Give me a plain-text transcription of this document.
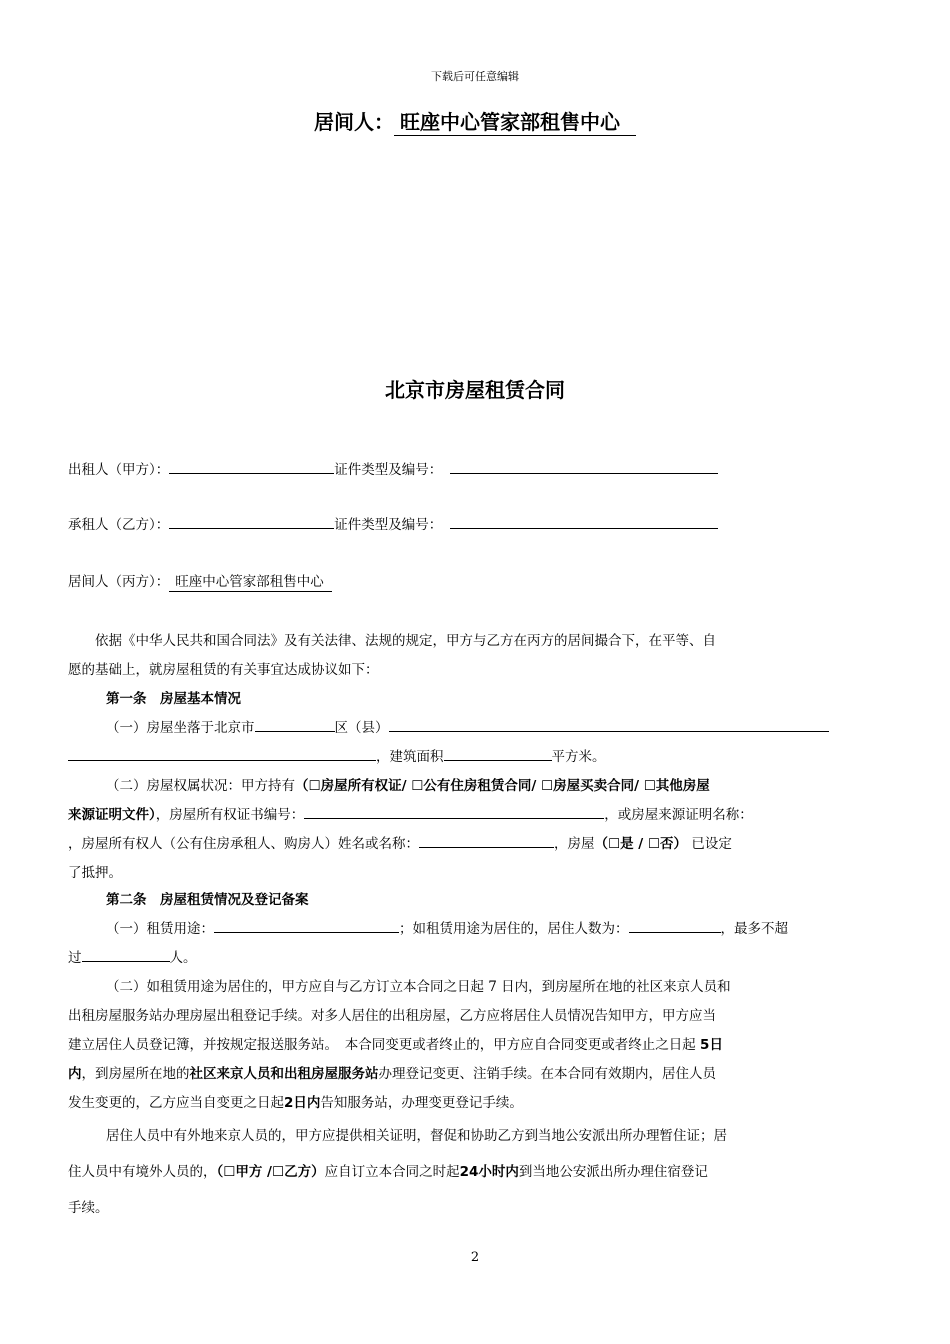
下载后可任意编辑
居间人： 旺座中心管家部租售中心
北京市房屋租赁合同
出租人（甲方）：	证件类型及编号：
承租人（乙方）：	证件类型及编号：
居间人（丙方）： 旺座中心管家部租售中心
依据《中华人民共和国合同法》及有关法律、法规的规定，甲方与乙方在丙方的居间撮合下，在平等、自
愿的基础上，就房屋租赁的有关事宜达成协议如下：
第一条　房屋基本情况
（一）房屋坐落于北京市	区（县）
，建筑面积	平方米。
（二）房屋权属状况：甲方持有（☐房屋所有权证/ ☐公有住房租赁合同/ ☐房屋买卖合同/ ☐其他房屋
来源证明文件），房屋所有权证书编号：	，或房屋来源证明名称：
，房屋所有权人（公有住房承租人、购房人）姓名或名称：	，房屋（☐是 / ☐否） 已设定
了抵押。
第二条　房屋租赁情况及登记备案
（一）租赁用途：	；如租赁用途为居住的，居住人数为：	，最多不超
过	人。
（二）如租赁用途为居住的，甲方应自与乙方订立本合同之日起 7 日内，到房屋所在地的社区来京人员和
出租房屋服务站办理房屋出租登记手续。对多人居住的出租房屋，乙方应将居住人员情况告知甲方，甲方应当
建立居住人员登记簿，并按规定报送服务站。　本合同变更或者终止的，甲方应自合同变更或者终止之日起 5日
内，到房屋所在地的社区来京人员和出租房屋服务站办理登记变更、注销手续。在本合同有效期内，居住人员
发生变更的，乙方应当自变更之日起2日内告知服务站，办理变更登记手续。
居住人员中有外地来京人员的，甲方应提供相关证明，督促和协助乙方到当地公安派出所办理暂住证；居
住人员中有境外人员的，（☐甲方 /☐乙方）应自订立本合同之时起24小时内到当地公安派出所办理住宿登记
手续。
2
